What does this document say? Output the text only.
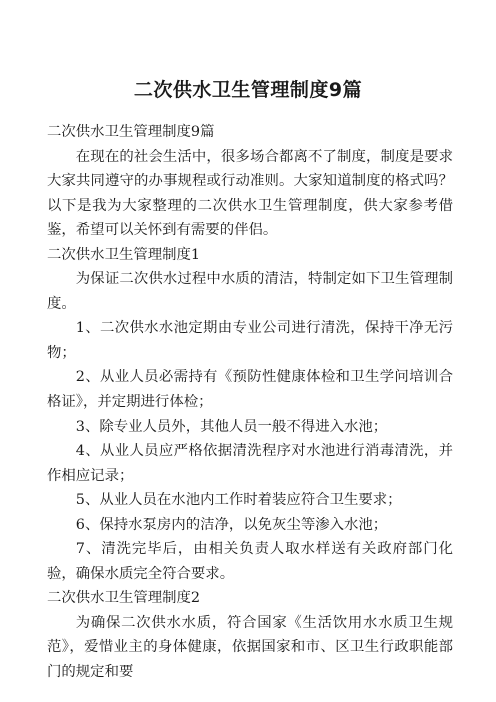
二次供水卫生管理制度9篇

二次供水卫生管理制度9篇

在现在的社会生活中，很多场合都离不了制度，制度是要求大家共同遵守的办事规程或行动准则。大家知道制度的格式吗？以下是我为大家整理的二次供水卫生管理制度，供大家参考借鉴，希望可以关怀到有需要的伴侣。

二次供水卫生管理制度1

为保证二次供水过程中水质的清洁，特制定如下卫生管理制度。

1、二次供水水池定期由专业公司进行清洗，保持干净无污物；

2、从业人员必需持有《预防性健康体检和卫生学问培训合格证》，并定期进行体检；

3、除专业人员外，其他人员一般不得进入水池；

4、从业人员应严格依据清洗程序对水池进行消毒清洗，并作相应记录；

5、从业人员在水池内工作时着装应符合卫生要求；

6、保持水泵房内的洁净，以免灰尘等渗入水池；

7、清洗完毕后，由相关负责人取水样送有关政府部门化验，确保水质完全符合要求。

二次供水卫生管理制度2

为确保二次供水水质，符合国家《生活饮用水水质卫生规范》，爱惜业主的身体健康，依据国家和市、区卫生行政职能部门的规定和要
